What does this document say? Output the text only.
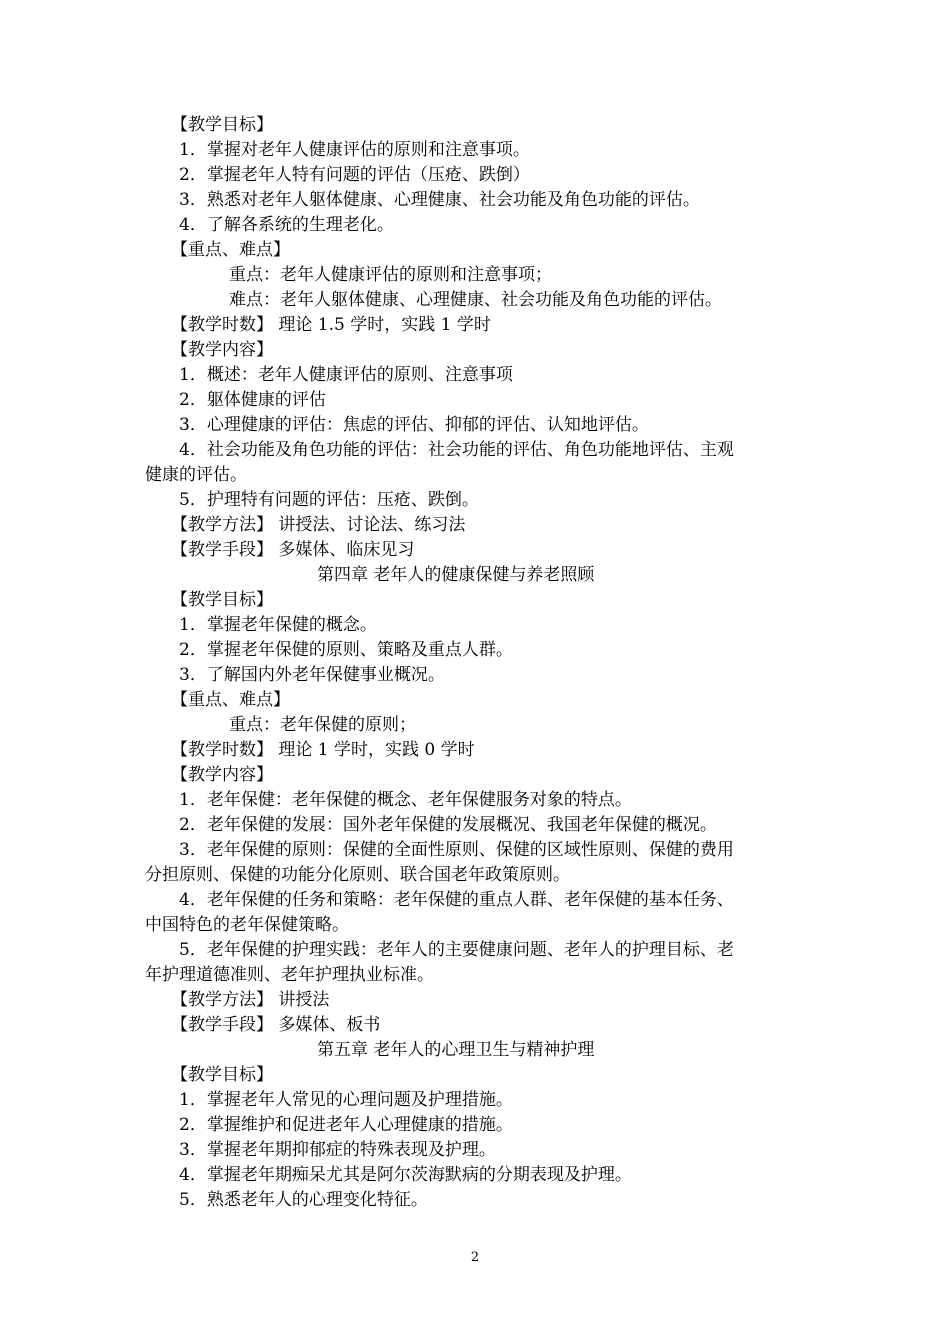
【教学目标】
1．掌握对老年人健康评估的原则和注意事项。
2．掌握老年人特有问题的评估（压疮、跌倒）
3．熟悉对老年人躯体健康、心理健康、社会功能及角色功能的评估。
4．了解各系统的生理老化。
【重点、难点】
重点：老年人健康评估的原则和注意事项；
难点：老年人躯体健康、心理健康、社会功能及角色功能的评估。
【教学时数】 理论 1.5 学时，实践 1 学时
【教学内容】
1．概述：老年人健康评估的原则、注意事项
2．躯体健康的评估
3．心理健康的评估：焦虑的评估、抑郁的评估、认知地评估。
4．社会功能及角色功能的评估：社会功能的评估、角色功能地评估、主观
健康的评估。
5．护理特有问题的评估：压疮、跌倒。
【教学方法】 讲授法、讨论法、练习法
【教学手段】 多媒体、临床见习
第四章 老年人的健康保健与养老照顾
【教学目标】
1．掌握老年保健的概念。
2．掌握老年保健的原则、策略及重点人群。
3．了解国内外老年保健事业概况。
【重点、难点】
重点：老年保健的原则；
【教学时数】 理论 1 学时，实践 0 学时
【教学内容】
1．老年保健：老年保健的概念、老年保健服务对象的特点。
2．老年保健的发展：国外老年保健的发展概况、我国老年保健的概况。
3．老年保健的原则：保健的全面性原则、保健的区域性原则、保健的费用
分担原则、保健的功能分化原则、联合国老年政策原则。
4．老年保健的任务和策略：老年保健的重点人群、老年保健的基本任务、
中国特色的老年保健策略。
5．老年保健的护理实践：老年人的主要健康问题、老年人的护理目标、老
年护理道德准则、老年护理执业标准。
【教学方法】 讲授法
【教学手段】 多媒体、板书
第五章 老年人的心理卫生与精神护理
【教学目标】
1．掌握老年人常见的心理问题及护理措施。
2．掌握维护和促进老年人心理健康的措施。
3．掌握老年期抑郁症的特殊表现及护理。
4．掌握老年期痴呆尤其是阿尔茨海默病的分期表现及护理。
5．熟悉老年人的心理变化特征。
2
